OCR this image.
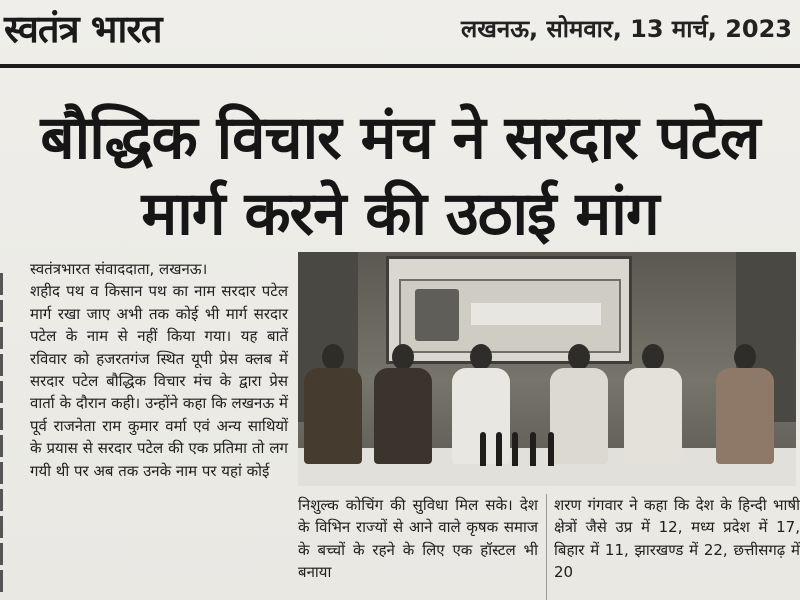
स्वतंत्र भारत	लखनऊ, सोमवार, 13 मार्च, 2023
बौद्धिक विचार मंच ने सरदार पटेल मार्ग करने की उठाई मांग
स्वतंत्रभारत संवाददाता, लखनऊ।
शहीद पथ व किसान पथ का नाम सरदार पटेल मार्ग रखा जाए अभी तक कोई भी मार्ग सरदार पटेल के नाम से नहीं किया गया। यह बातें रविवार को हजरतगंज स्थित यूपी प्रेस क्लब में सरदार पटेल बौद्धिक विचार मंच के द्वारा प्रेस वार्ता के दौरान कही। उन्होंने कहा कि लखनऊ में पूर्व राजनेता राम कुमार वर्मा एवं अन्य साथियों के प्रयास से सरदार पटेल की एक प्रतिमा तो लग गयी थी पर अब तक उनके नाम पर यहां कोई
निशुल्क कोचिंग की सुविधा मिल सके। देश के विभिन राज्यों से आने वाले कृषक समाज के बच्चों के रहने के लिए एक हॉस्टल भी बनाया
शरण गंगवार ने कहा कि देश के हिन्दी भाषी क्षेत्रों जैसे उप्र में 12, मध्य प्रदेश में 17, बिहार में 11, झारखण्ड में 22, छत्तीसगढ़ में 20
